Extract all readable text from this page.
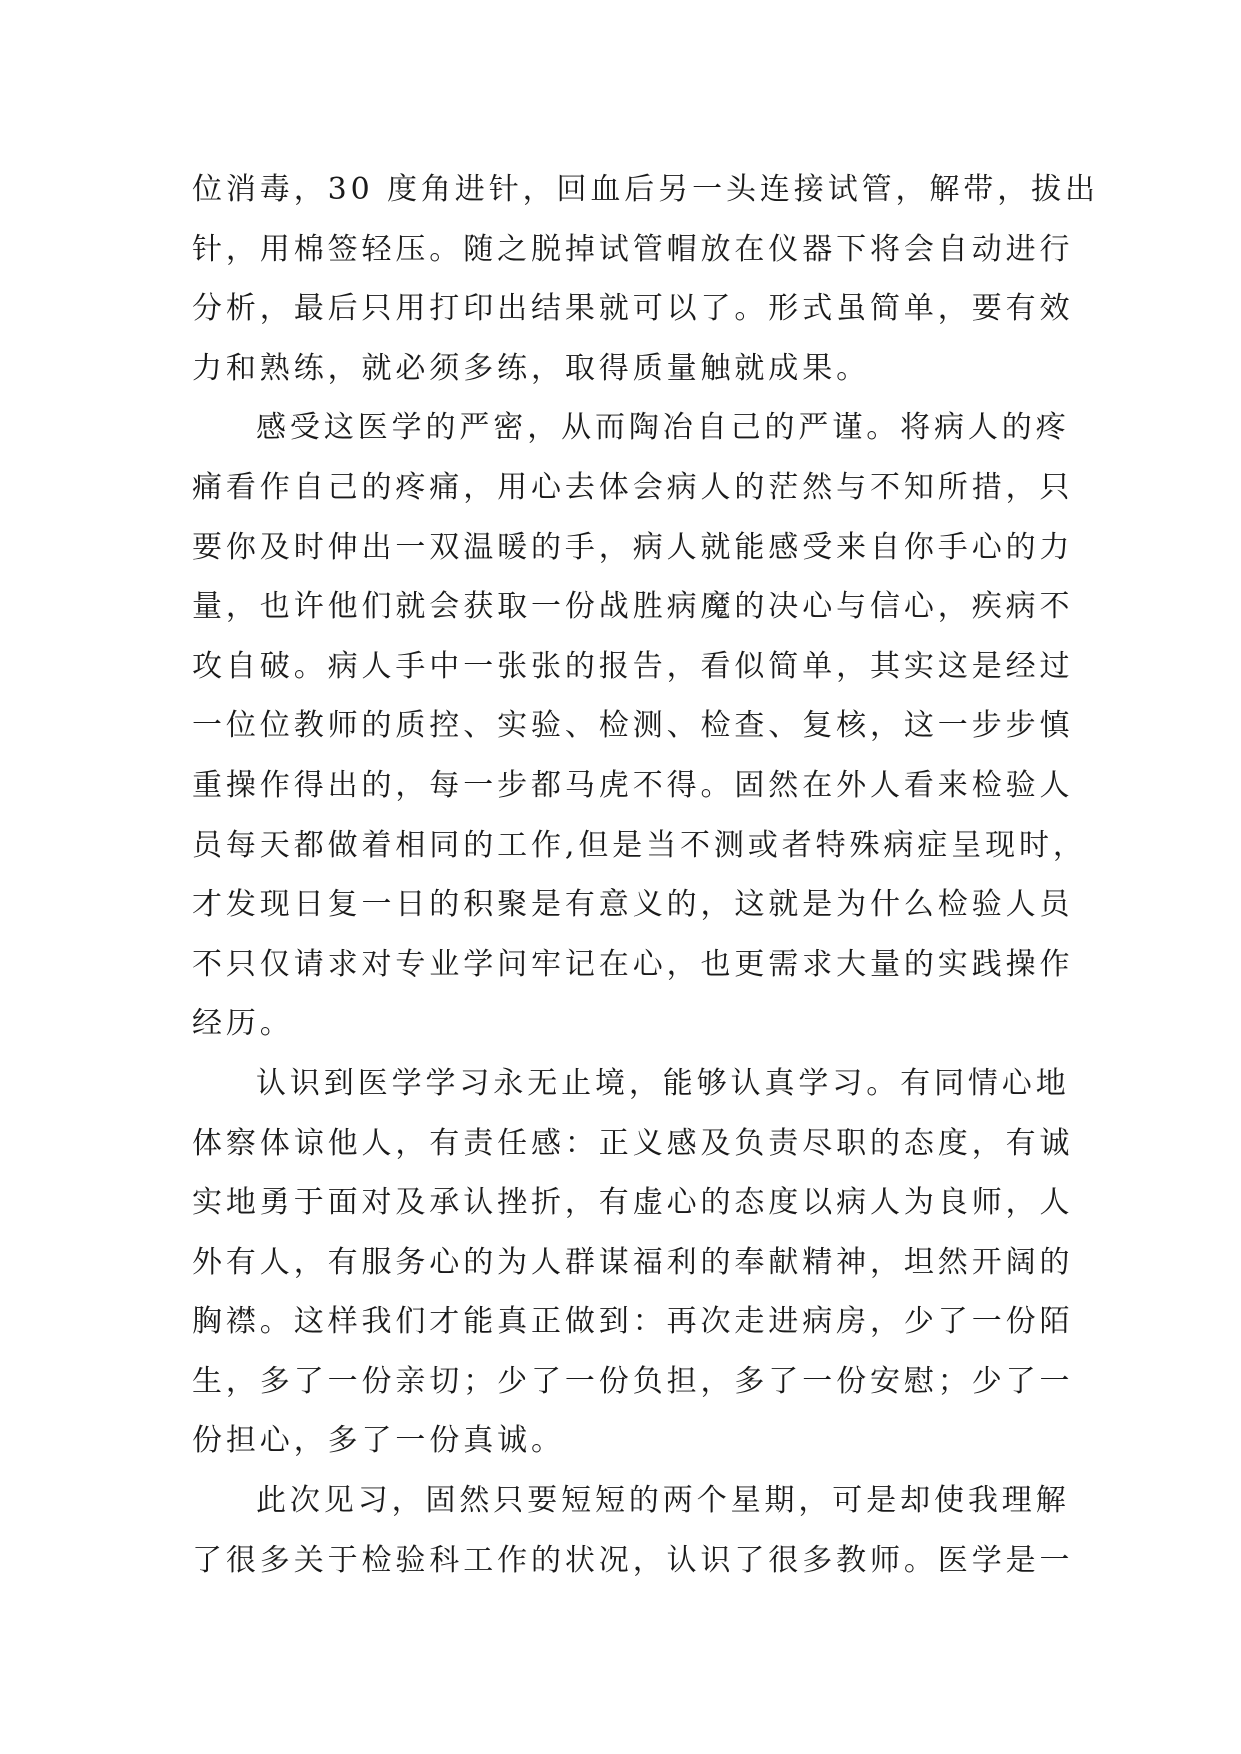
位消毒，30 度角进针，回血后另一头连接试管，解带，拔出
针，用棉签轻压。随之脱掉试管帽放在仪器下将会自动进行
分析，最后只用打印出结果就可以了。形式虽简单，要有效
力和熟练，就必须多练，取得质量触就成果。
感受这医学的严密，从而陶冶自己的严谨。将病人的疼
痛看作自己的疼痛，用心去体会病人的茫然与不知所措，只
要你及时伸出一双温暖的手，病人就能感受来自你手心的力
量，也许他们就会获取一份战胜病魔的决心与信心，疾病不
攻自破。病人手中一张张的报告，看似简单，其实这是经过
一位位教师的质控、实验、检测、检查、复核，这一步步慎
重操作得出的，每一步都马虎不得。固然在外人看来检验人
员每天都做着相同的工作,但是当不测或者特殊病症呈现时，
才发现日复一日的积聚是有意义的，这就是为什么检验人员
不只仅请求对专业学问牢记在心，也更需求大量的实践操作
经历。
认识到医学学习永无止境，能够认真学习。有同情心地
体察体谅他人，有责任感：正义感及负责尽职的态度，有诚
实地勇于面对及承认挫折，有虚心的态度以病人为良师，人
外有人，有服务心的为人群谋福利的奉献精神，坦然开阔的
胸襟。这样我们才能真正做到：再次走进病房，少了一份陌
生，多了一份亲切；少了一份负担，多了一份安慰；少了一
份担心，多了一份真诚。
此次见习，固然只要短短的两个星期，可是却使我理解
了很多关于检验科工作的状况，认识了很多教师。医学是一
